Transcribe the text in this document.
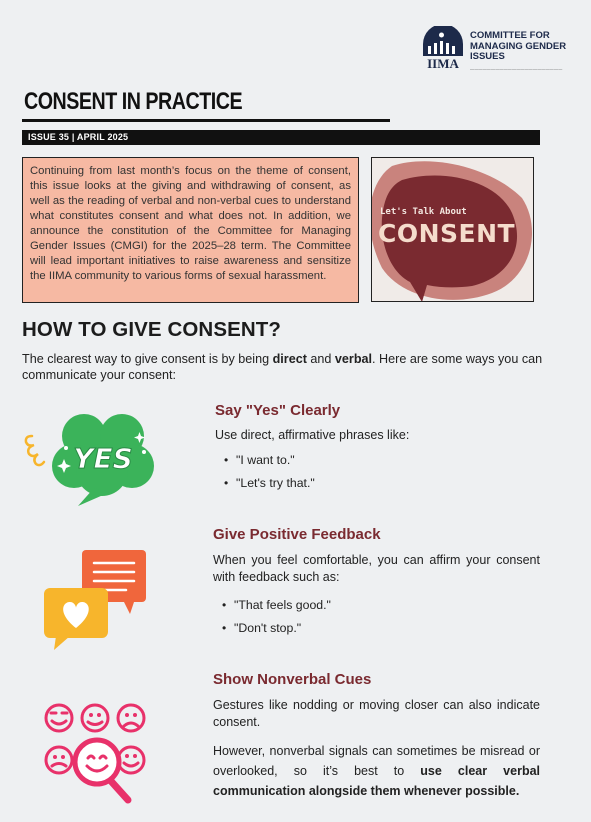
IIMA
COMMITTEE FOR MANAGING GENDER ISSUES
——————————————————————
CONSENT IN PRACTICE
ISSUE 35 | APRIL 2025
Continuing from last month’s focus on the theme of consent, this issue looks at the giving and withdrawing of consent, as well as the reading of verbal and non-verbal cues to understand what constitutes consent and what does not. In addition, we announce the constitution of the Committee for Managing Gender Issues (CMGI) for the 2025–28 term. The Committee will lead important initiatives to raise awareness and sensitize the IIMA community to various forms of sexual harassment.
Let's Talk About
CONSENT
HOW TO GIVE CONSENT?
The clearest way to give consent is by being direct and verbal. Here are some ways you can communicate your consent:
YES
Say "Yes" Clearly
Use direct, affirmative phrases like:
• "I want to."
• "Let's try that."
Give Positive Feedback
When you feel comfortable, you can affirm your consent with feedback such as:
• "That feels good."
• "Don't stop."
Show Nonverbal Cues
Gestures like nodding or moving closer can also indicate consent.
However, nonverbal signals can sometimes be misread or overlooked, so it’s best to use clear verbal communication alongside them whenever possible.
